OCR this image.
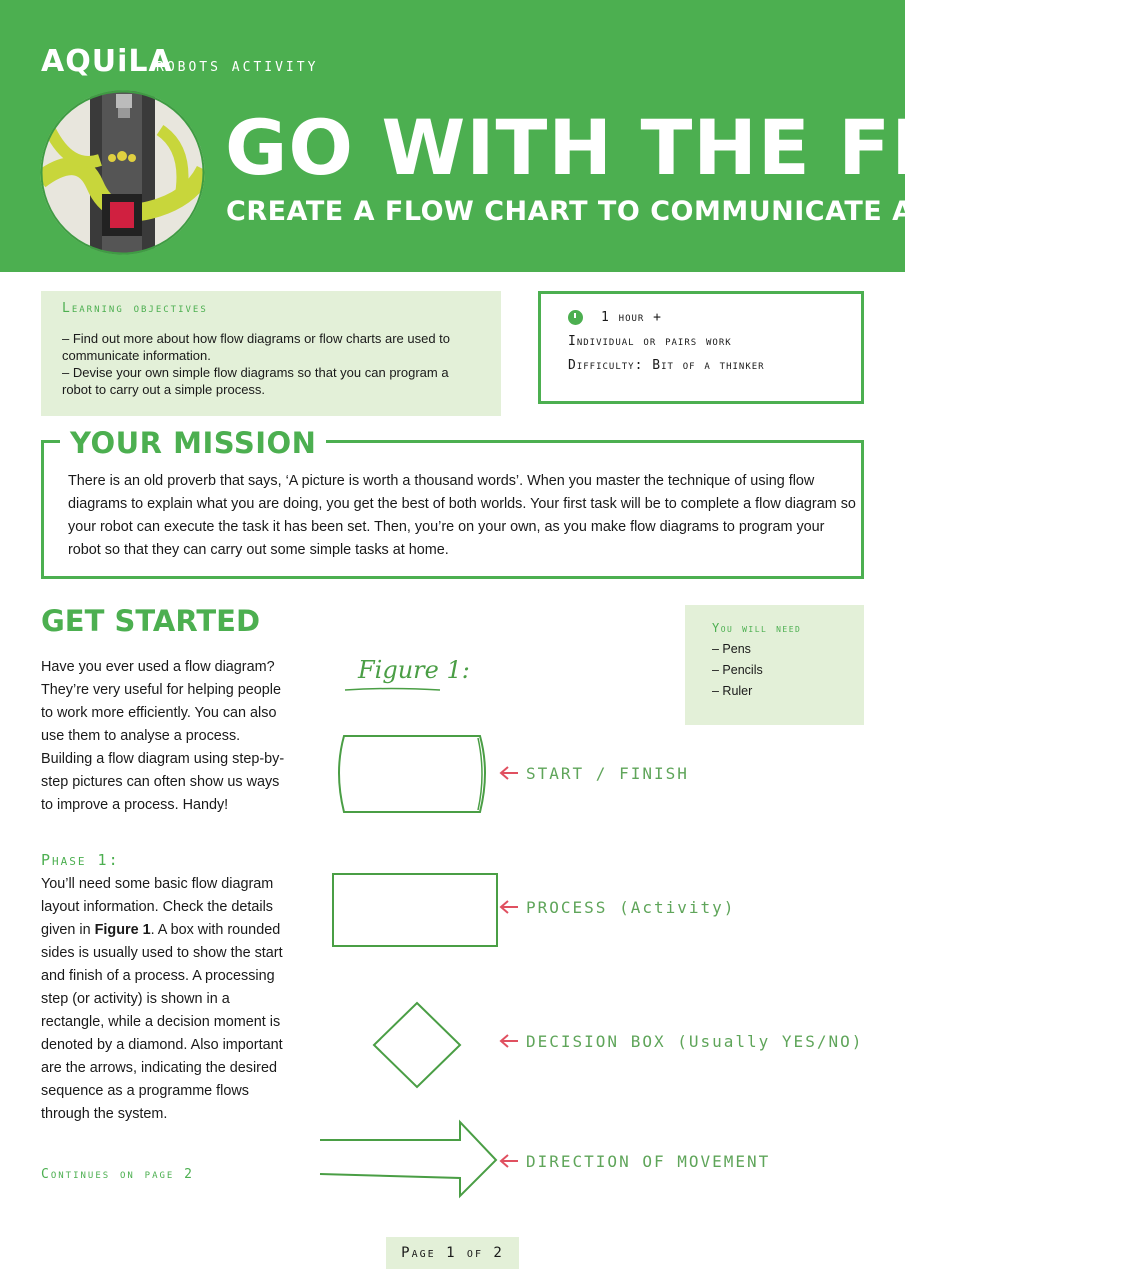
AQUiLA
ROBOTS ACTIVITY
GO WITH THE FLOW!
CREATE A FLOW CHART TO COMMUNICATE A PROCESS
Learning objectives
– Find out more about how flow diagrams or flow charts are used to communicate information.
– Devise your own simple flow diagrams so that you can program a robot to carry out a simple process.
1 hour +
Individual or pairs work
Difficulty: Bit of a thinker
YOUR MISSION
There is an old proverb that says, ‘A picture is worth a thousand words’. When you master the technique of using flow diagrams to explain what you are doing, you get the best of both worlds. Your first task will be to complete a flow diagram so your robot can execute the task it has been set. Then, you’re on your own, as you make flow diagrams to program your robot so that they can carry out some simple tasks at home.
GET STARTED
Have you ever used a flow diagram? They’re very useful for helping people to work more efficiently. You can also use them to analyse a process. Building a flow diagram using step-by-step pictures can often show us ways to improve a process. Handy!
Phase 1:
You’ll need some basic flow diagram layout information. Check the details given in Figure 1. A box with rounded sides is usually used to show the start and finish of a process. A processing step (or activity) is shown in a rectangle, while a decision moment is denoted by a diamond. Also important are the arrows, indicating the desired sequence as a programme flows through the system.
Continues on page 2
You will need
– Pens
– Pencils
– Ruler
Figure 1:
START / FINISH
PROCESS (Activity)
DECISION BOX (Usually YES/NO)
DIRECTION OF MOVEMENT
Page 1 of 2
